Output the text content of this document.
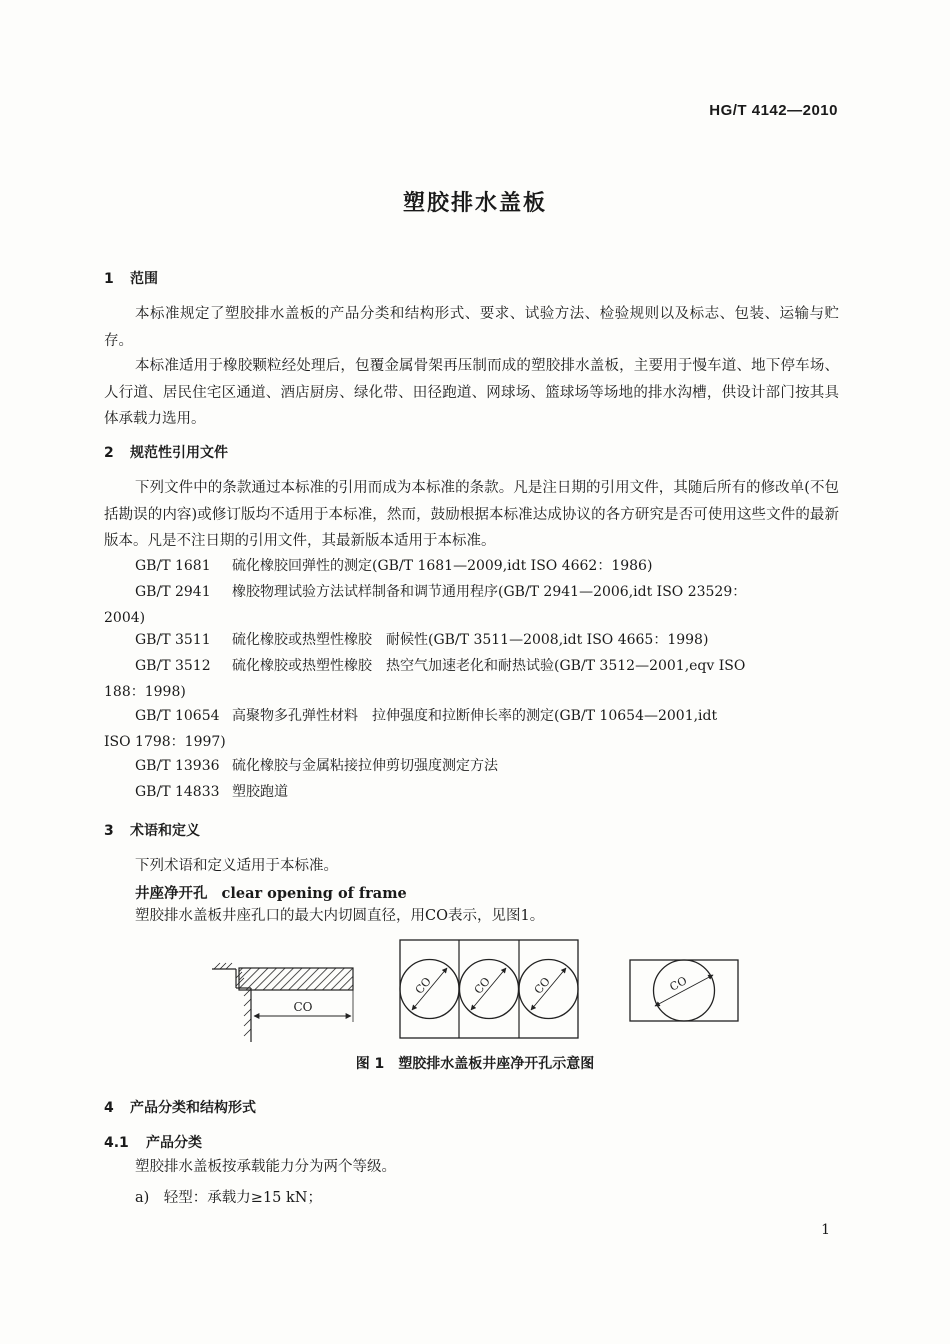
HG/T 4142—2010
塑胶排水盖板
1 范围
本标准规定了塑胶排水盖板的产品分类和结构形式、要求、试验方法、检验规则以及标志、包装、运输与贮存。
本标准适用于橡胶颗粒经处理后，包覆金属骨架再压制而成的塑胶排水盖板，主要用于慢车道、地下停车场、人行道、居民住宅区通道、酒店厨房、绿化带、田径跑道、网球场、篮球场等场地的排水沟槽，供设计部门按其具体承载力选用。
2 规范性引用文件
下列文件中的条款通过本标准的引用而成为本标准的条款。凡是注日期的引用文件，其随后所有的修改单(不包括勘误的内容)或修订版均不适用于本标准，然而，鼓励根据本标准达成协议的各方研究是否可使用这些文件的最新版本。凡是不注日期的引用文件，其最新版本适用于本标准。
GB/T 1681 硫化橡胶回弹性的测定(GB/T 1681—2009,idt ISO 4662：1986)
GB/T 2941 橡胶物理试验方法试样制备和调节通用程序(GB/T 2941—2006,idt ISO 23529：
2004)
GB/T 3511 硫化橡胶或热塑性橡胶　耐候性(GB/T 3511—2008,idt ISO 4665：1998)
GB/T 3512 硫化橡胶或热塑性橡胶　热空气加速老化和耐热试验(GB/T 3512—2001,eqv ISO
188：1998)
GB/T 10654 高聚物多孔弹性材料　拉伸强度和拉断伸长率的测定(GB/T 10654—2001,idt
ISO 1798：1997)
GB/T 13936 硫化橡胶与金属粘接拉伸剪切强度测定方法
GB/T 14833 塑胶跑道
3 术语和定义
下列术语和定义适用于本标准。
井座净开孔 clear opening of frame
塑胶排水盖板井座孔口的最大内切圆直径，用CO表示，见图1。
CO
CO	CO	CO	CO
图 1 塑胶排水盖板井座净开孔示意图
4 产品分类和结构形式
4.1 产品分类
塑胶排水盖板按承载能力分为两个等级。
a)　轻型：承载力≥15 kN；
1
